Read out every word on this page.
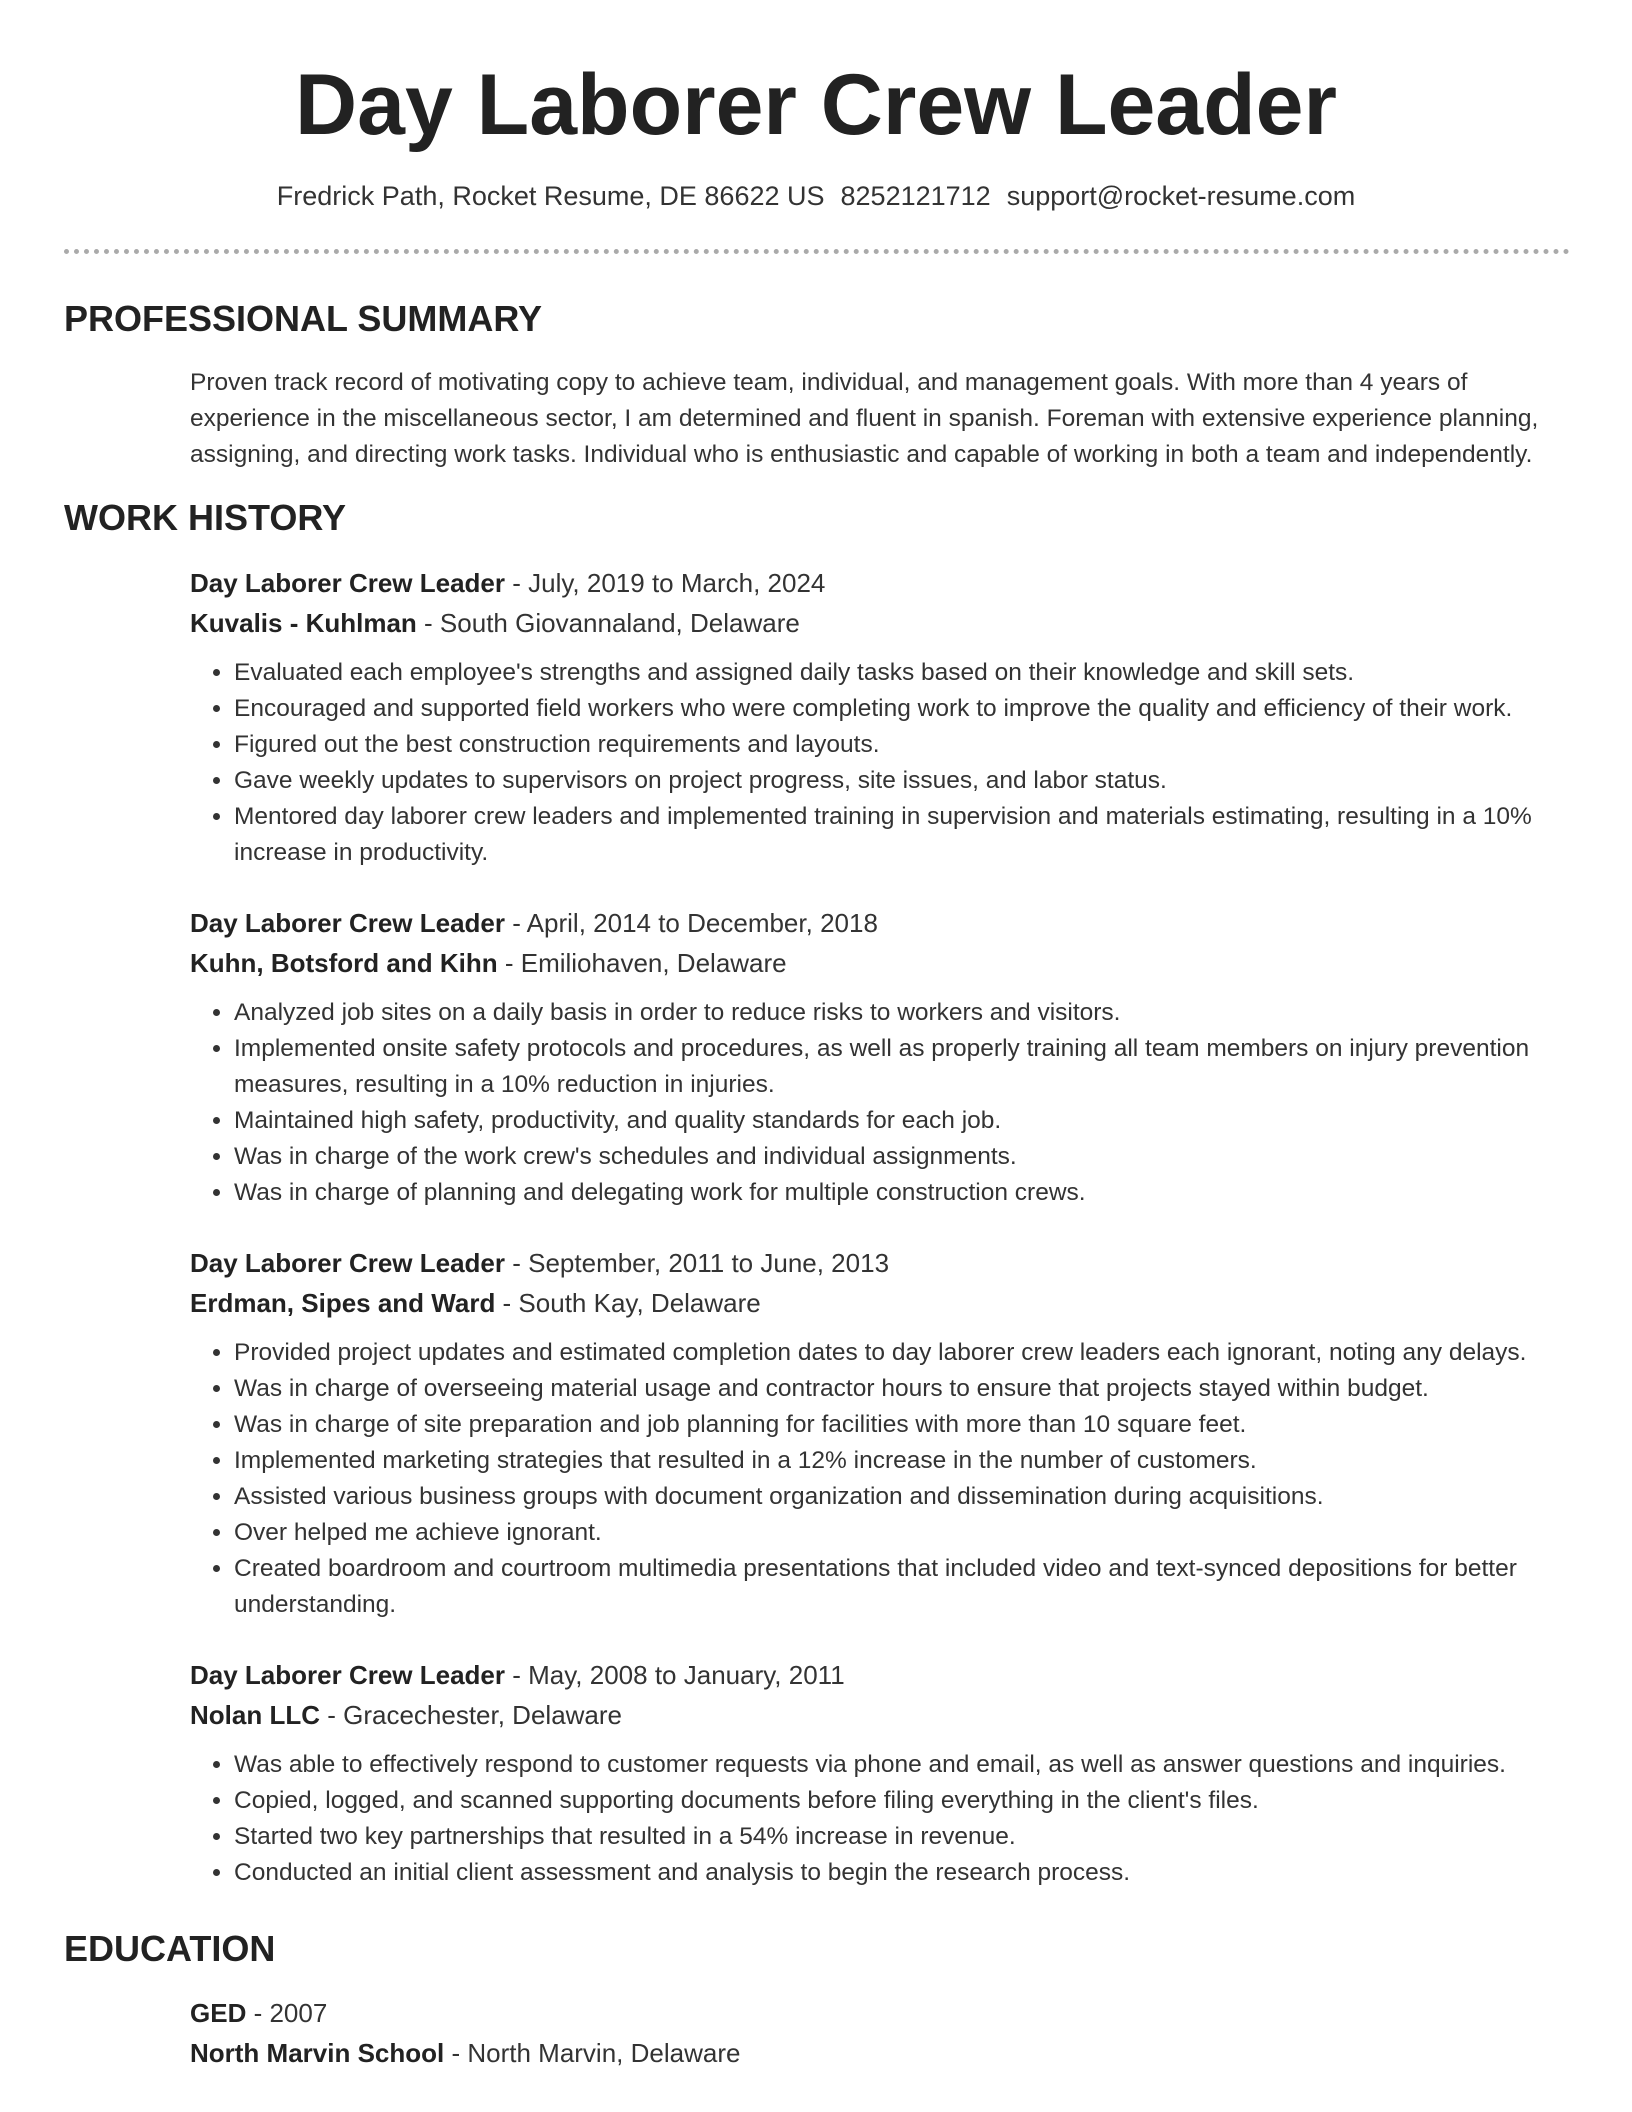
Day Laborer Crew Leader
Fredrick Path, Rocket Resume, DE 86622 US 8252121712 support@rocket-resume.com
PROFESSIONAL SUMMARY
Proven track record of motivating copy to achieve team, individual, and management goals. With more than 4 years of experience in the miscellaneous sector, I am determined and fluent in spanish. Foreman with extensive experience planning, assigning, and directing work tasks. Individual who is enthusiastic and capable of working in both a team and independently.
WORK HISTORY
Day Laborer Crew Leader - July, 2019 to March, 2024
Kuvalis - Kuhlman - South Giovannaland, Delaware
• Evaluated each employee's strengths and assigned daily tasks based on their knowledge and skill sets.
• Encouraged and supported field workers who were completing work to improve the quality and efficiency of their work.
• Figured out the best construction requirements and layouts.
• Gave weekly updates to supervisors on project progress, site issues, and labor status.
• Mentored day laborer crew leaders and implemented training in supervision and materials estimating, resulting in a 10% increase in productivity.
Day Laborer Crew Leader - April, 2014 to December, 2018
Kuhn, Botsford and Kihn - Emiliohaven, Delaware
• Analyzed job sites on a daily basis in order to reduce risks to workers and visitors.
• Implemented onsite safety protocols and procedures, as well as properly training all team members on injury prevention measures, resulting in a 10% reduction in injuries.
• Maintained high safety, productivity, and quality standards for each job.
• Was in charge of the work crew's schedules and individual assignments.
• Was in charge of planning and delegating work for multiple construction crews.
Day Laborer Crew Leader - September, 2011 to June, 2013
Erdman, Sipes and Ward - South Kay, Delaware
• Provided project updates and estimated completion dates to day laborer crew leaders each ignorant, noting any delays.
• Was in charge of overseeing material usage and contractor hours to ensure that projects stayed within budget.
• Was in charge of site preparation and job planning for facilities with more than 10 square feet.
• Implemented marketing strategies that resulted in a 12% increase in the number of customers.
• Assisted various business groups with document organization and dissemination during acquisitions.
• Over helped me achieve ignorant.
• Created boardroom and courtroom multimedia presentations that included video and text-synced depositions for better understanding.
Day Laborer Crew Leader - May, 2008 to January, 2011
Nolan LLC - Gracechester, Delaware
• Was able to effectively respond to customer requests via phone and email, as well as answer questions and inquiries.
• Copied, logged, and scanned supporting documents before filing everything in the client's files.
• Started two key partnerships that resulted in a 54% increase in revenue.
• Conducted an initial client assessment and analysis to begin the research process.
EDUCATION
GED - 2007
North Marvin School - North Marvin, Delaware
